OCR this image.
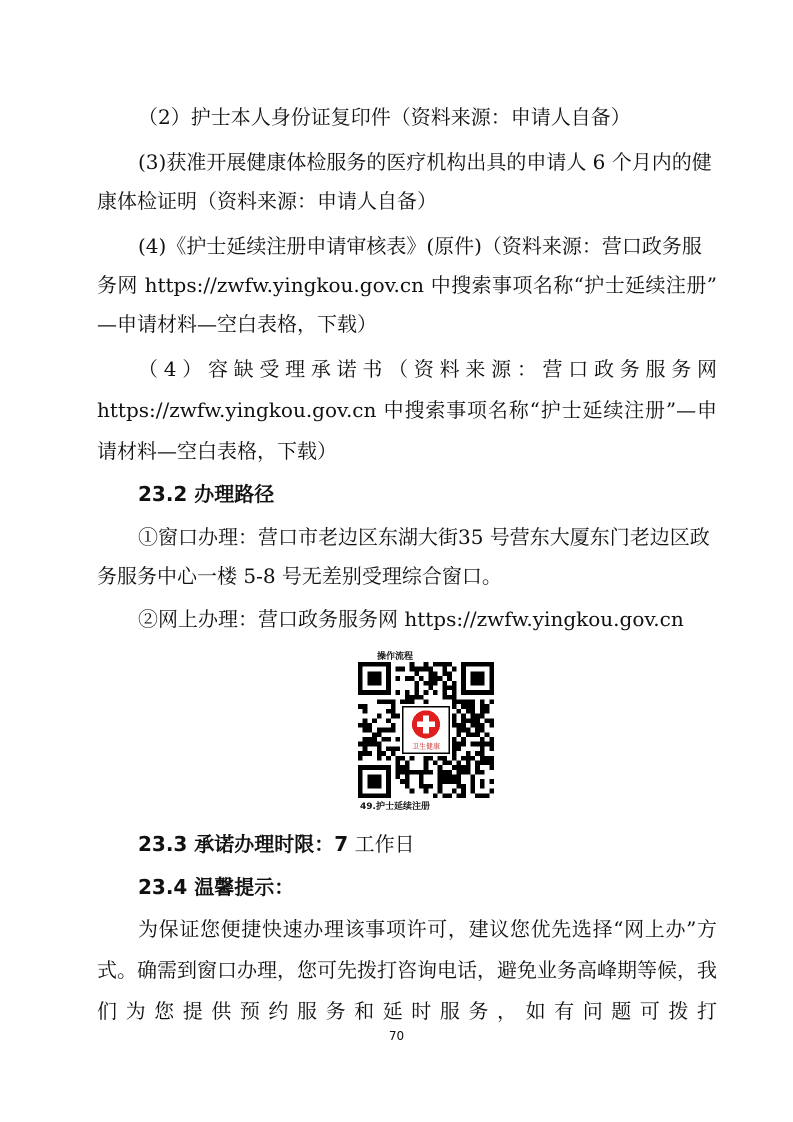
（2）护士本人身份证复印件（资料来源：申请人自备）
(3)获准开展健康体检服务的医疗机构出具的申请人 6 个月内的健
康体检证明（资料来源：申请人自备）
(4)《护士延续注册申请审核表》(原件)（资料来源：营口政务服
务网 https://zwfw.yingkou.gov.cn 中搜索事项名称“护士延续注册”
—申请材料—空白表格，下载）
（4）容缺受理承诺书（资料来源：营口政务服务网
https://zwfw.yingkou.gov.cn 中搜索事项名称“护士延续注册”—申
请材料—空白表格，下载）
23.2 办理路径
①窗口办理：营口市老边区东湖大街35 号营东大厦东门老边区政
务服务中心一楼 5-8 号无差别受理综合窗口。
②网上办理：营口政务服务网 https://zwfw.yingkou.gov.cn
操作流程
卫生健康
49.护士延续注册
23.3 承诺办理时限：7 工作日
23.4 温馨提示：
为保证您便捷快速办理该事项许可，建议您优先选择“网上办”方
式。确需到窗口办理，您可先拨打咨询电话，避免业务高峰期等候，我
们为您提供预约服务和延时服务，如有问题可拨打
70
